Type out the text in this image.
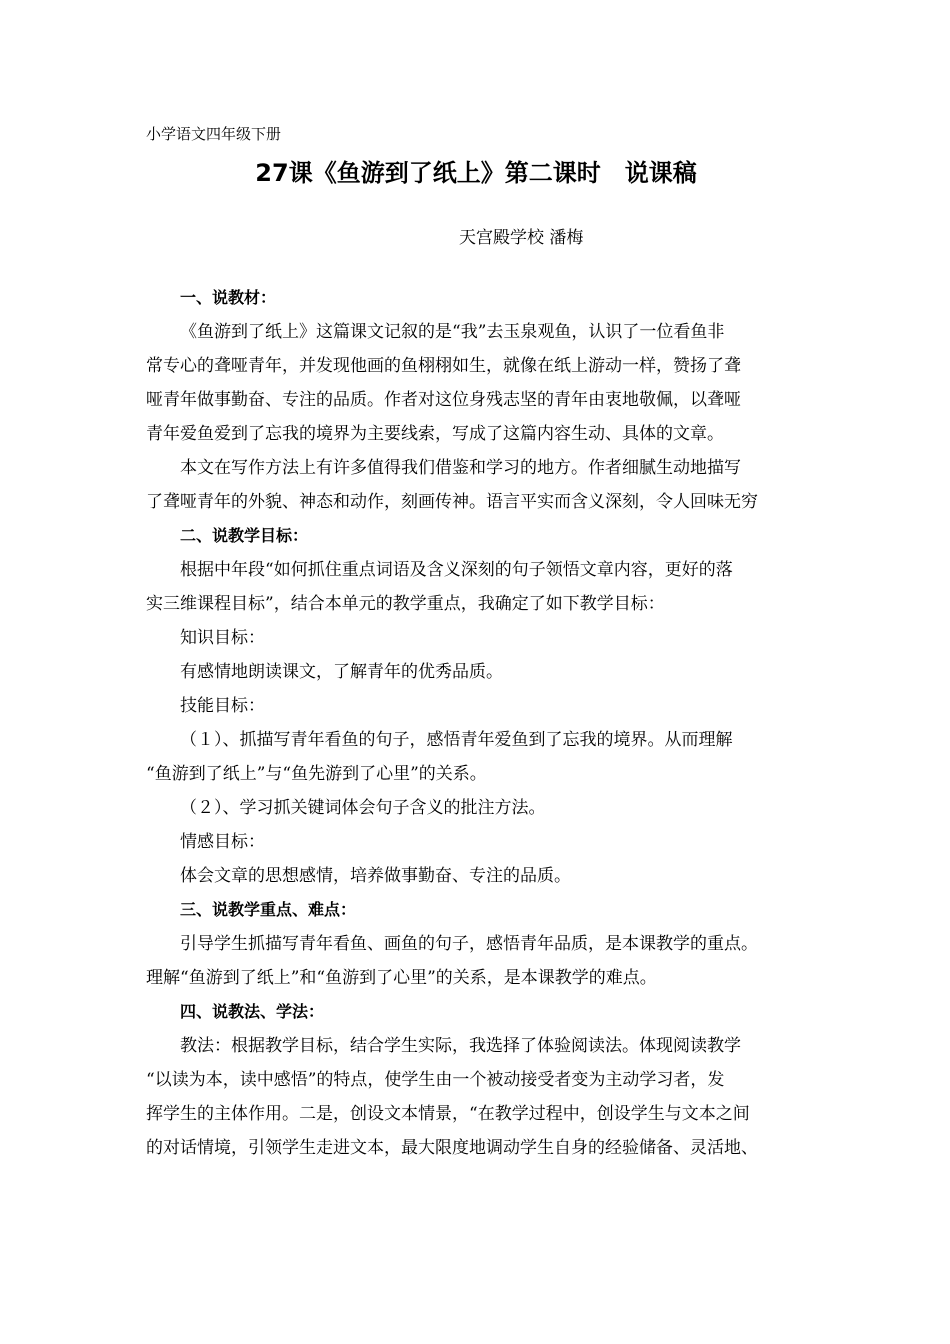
小学语文四年级下册
27课《鱼游到了纸上》第二课时　说课稿
天宫殿学校 潘梅
一、说教材：
《鱼游到了纸上》这篇课文记叙的是“我”去玉泉观鱼，认识了一位看鱼非
常专心的聋哑青年，并发现他画的鱼栩栩如生，就像在纸上游动一样，赞扬了聋
哑青年做事勤奋、专注的品质。作者对这位身残志坚的青年由衷地敬佩，以聋哑
青年爱鱼爱到了忘我的境界为主要线索，写成了这篇内容生动、具体的文章。
本文在写作方法上有许多值得我们借鉴和学习的地方。作者细腻生动地描写
了聋哑青年的外貌、神态和动作，刻画传神。语言平实而含义深刻，令人回味无穷
二、说教学目标：
根据中年段“如何抓住重点词语及含义深刻的句子领悟文章内容，更好的落
实三维课程目标”，结合本单元的教学重点，我确定了如下教学目标：
知识目标：
有感情地朗读课文，了解青年的优秀品质。
技能目标：
（１）、抓描写青年看鱼的句子，感悟青年爱鱼到了忘我的境界。从而理解
“鱼游到了纸上”与“鱼先游到了心里”的关系。
（２）、学习抓关键词体会句子含义的批注方法。
情感目标：
体会文章的思想感情，培养做事勤奋、专注的品质。
三、说教学重点、难点：
引导学生抓描写青年看鱼、画鱼的句子，感悟青年品质，是本课教学的重点。
理解“鱼游到了纸上”和“鱼游到了心里”的关系，是本课教学的难点。
四、说教法、学法：
教法：根据教学目标，结合学生实际，我选择了体验阅读法。体现阅读教学
“以读为本，读中感悟”的特点，使学生由一个被动接受者变为主动学习者，发
挥学生的主体作用。二是，创设文本情景，“在教学过程中，创设学生与文本之间
的对话情境，引领学生走进文本，最大限度地调动学生自身的经验储备、灵活地、
